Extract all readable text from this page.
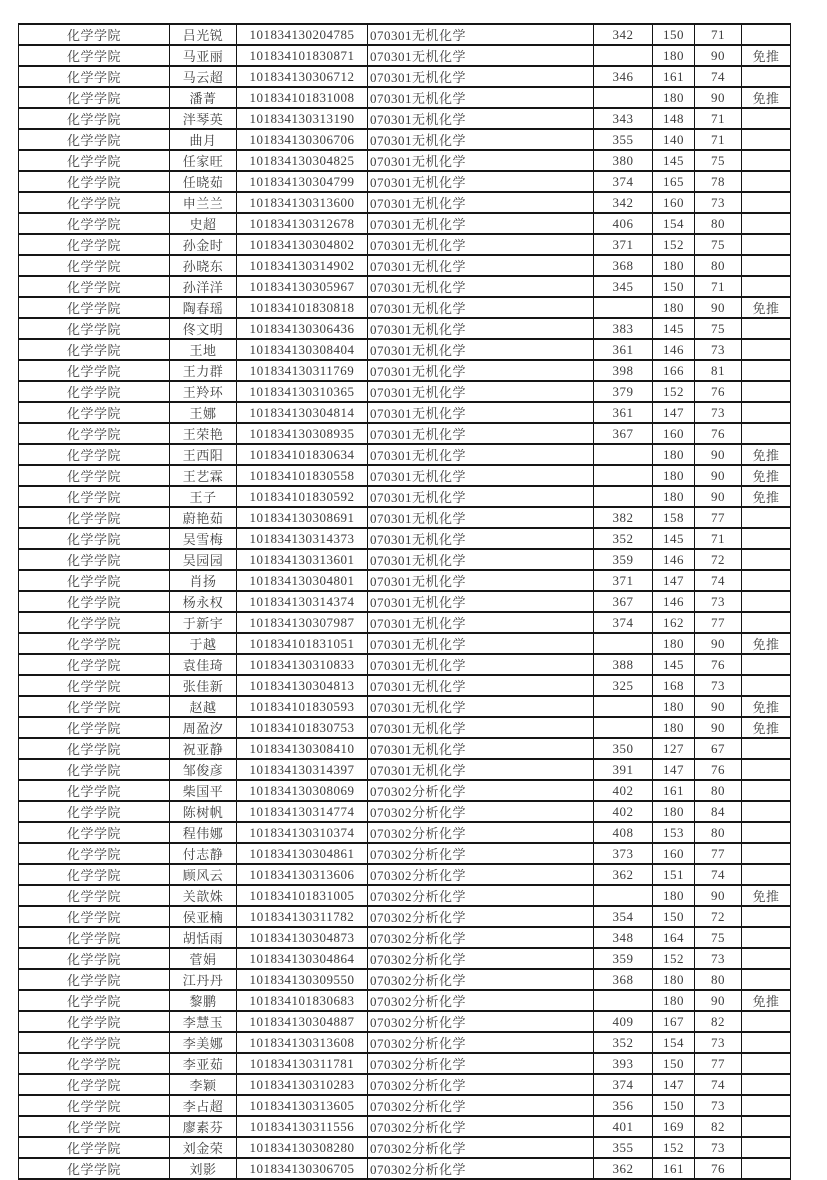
化学学院	吕光锐	101834130204785	070301无机化学	342	150	71	
化学学院	马亚丽	101834101830871	070301无机化学		180	90	免推
化学学院	马云超	101834130306712	070301无机化学	346	161	74	
化学学院	潘菁	101834101831008	070301无机化学		180	90	免推
化学学院	泮琴英	101834130313190	070301无机化学	343	148	71	
化学学院	曲月	101834130306706	070301无机化学	355	140	71	
化学学院	任家旺	101834130304825	070301无机化学	380	145	75	
化学学院	任晓茹	101834130304799	070301无机化学	374	165	78	
化学学院	申兰兰	101834130313600	070301无机化学	342	160	73	
化学学院	史超	101834130312678	070301无机化学	406	154	80	
化学学院	孙金时	101834130304802	070301无机化学	371	152	75	
化学学院	孙晓东	101834130314902	070301无机化学	368	180	80	
化学学院	孙洋洋	101834130305967	070301无机化学	345	150	71	
化学学院	陶春瑶	101834101830818	070301无机化学		180	90	免推
化学学院	佟文明	101834130306436	070301无机化学	383	145	75	
化学学院	王地	101834130308404	070301无机化学	361	146	73	
化学学院	王力群	101834130311769	070301无机化学	398	166	81	
化学学院	王羚环	101834130310365	070301无机化学	379	152	76	
化学学院	王娜	101834130304814	070301无机化学	361	147	73	
化学学院	王荣艳	101834130308935	070301无机化学	367	160	76	
化学学院	王西阳	101834101830634	070301无机化学		180	90	免推
化学学院	王艺霖	101834101830558	070301无机化学		180	90	免推
化学学院	王子	101834101830592	070301无机化学		180	90	免推
化学学院	蔚艳茹	101834130308691	070301无机化学	382	158	77	
化学学院	吴雪梅	101834130314373	070301无机化学	352	145	71	
化学学院	吴园园	101834130313601	070301无机化学	359	146	72	
化学学院	肖扬	101834130304801	070301无机化学	371	147	74	
化学学院	杨永权	101834130314374	070301无机化学	367	146	73	
化学学院	于新宇	101834130307987	070301无机化学	374	162	77	
化学学院	于越	101834101831051	070301无机化学		180	90	免推
化学学院	袁佳琦	101834130310833	070301无机化学	388	145	76	
化学学院	张佳新	101834130304813	070301无机化学	325	168	73	
化学学院	赵越	101834101830593	070301无机化学		180	90	免推
化学学院	周盈汐	101834101830753	070301无机化学		180	90	免推
化学学院	祝亚静	101834130308410	070301无机化学	350	127	67	
化学学院	邹俊彦	101834130314397	070301无机化学	391	147	76	
化学学院	柴国平	101834130308069	070302分析化学	402	161	80	
化学学院	陈树帆	101834130314774	070302分析化学	402	180	84	
化学学院	程伟娜	101834130310374	070302分析化学	408	153	80	
化学学院	付志静	101834130304861	070302分析化学	373	160	77	
化学学院	顾风云	101834130313606	070302分析化学	362	151	74	
化学学院	关歆姝	101834101831005	070302分析化学		180	90	免推
化学学院	侯亚楠	101834130311782	070302分析化学	354	150	72	
化学学院	胡恬雨	101834130304873	070302分析化学	348	164	75	
化学学院	菅娟	101834130304864	070302分析化学	359	152	73	
化学学院	江丹丹	101834130309550	070302分析化学	368	180	80	
化学学院	黎鹏	101834101830683	070302分析化学		180	90	免推
化学学院	李慧玉	101834130304887	070302分析化学	409	167	82	
化学学院	李美娜	101834130313608	070302分析化学	352	154	73	
化学学院	李亚茹	101834130311781	070302分析化学	393	150	77	
化学学院	李颖	101834130310283	070302分析化学	374	147	74	
化学学院	李占超	101834130313605	070302分析化学	356	150	73	
化学学院	廖素芬	101834130311556	070302分析化学	401	169	82	
化学学院	刘金荣	101834130308280	070302分析化学	355	152	73	
化学学院	刘影	101834130306705	070302分析化学	362	161	76	
